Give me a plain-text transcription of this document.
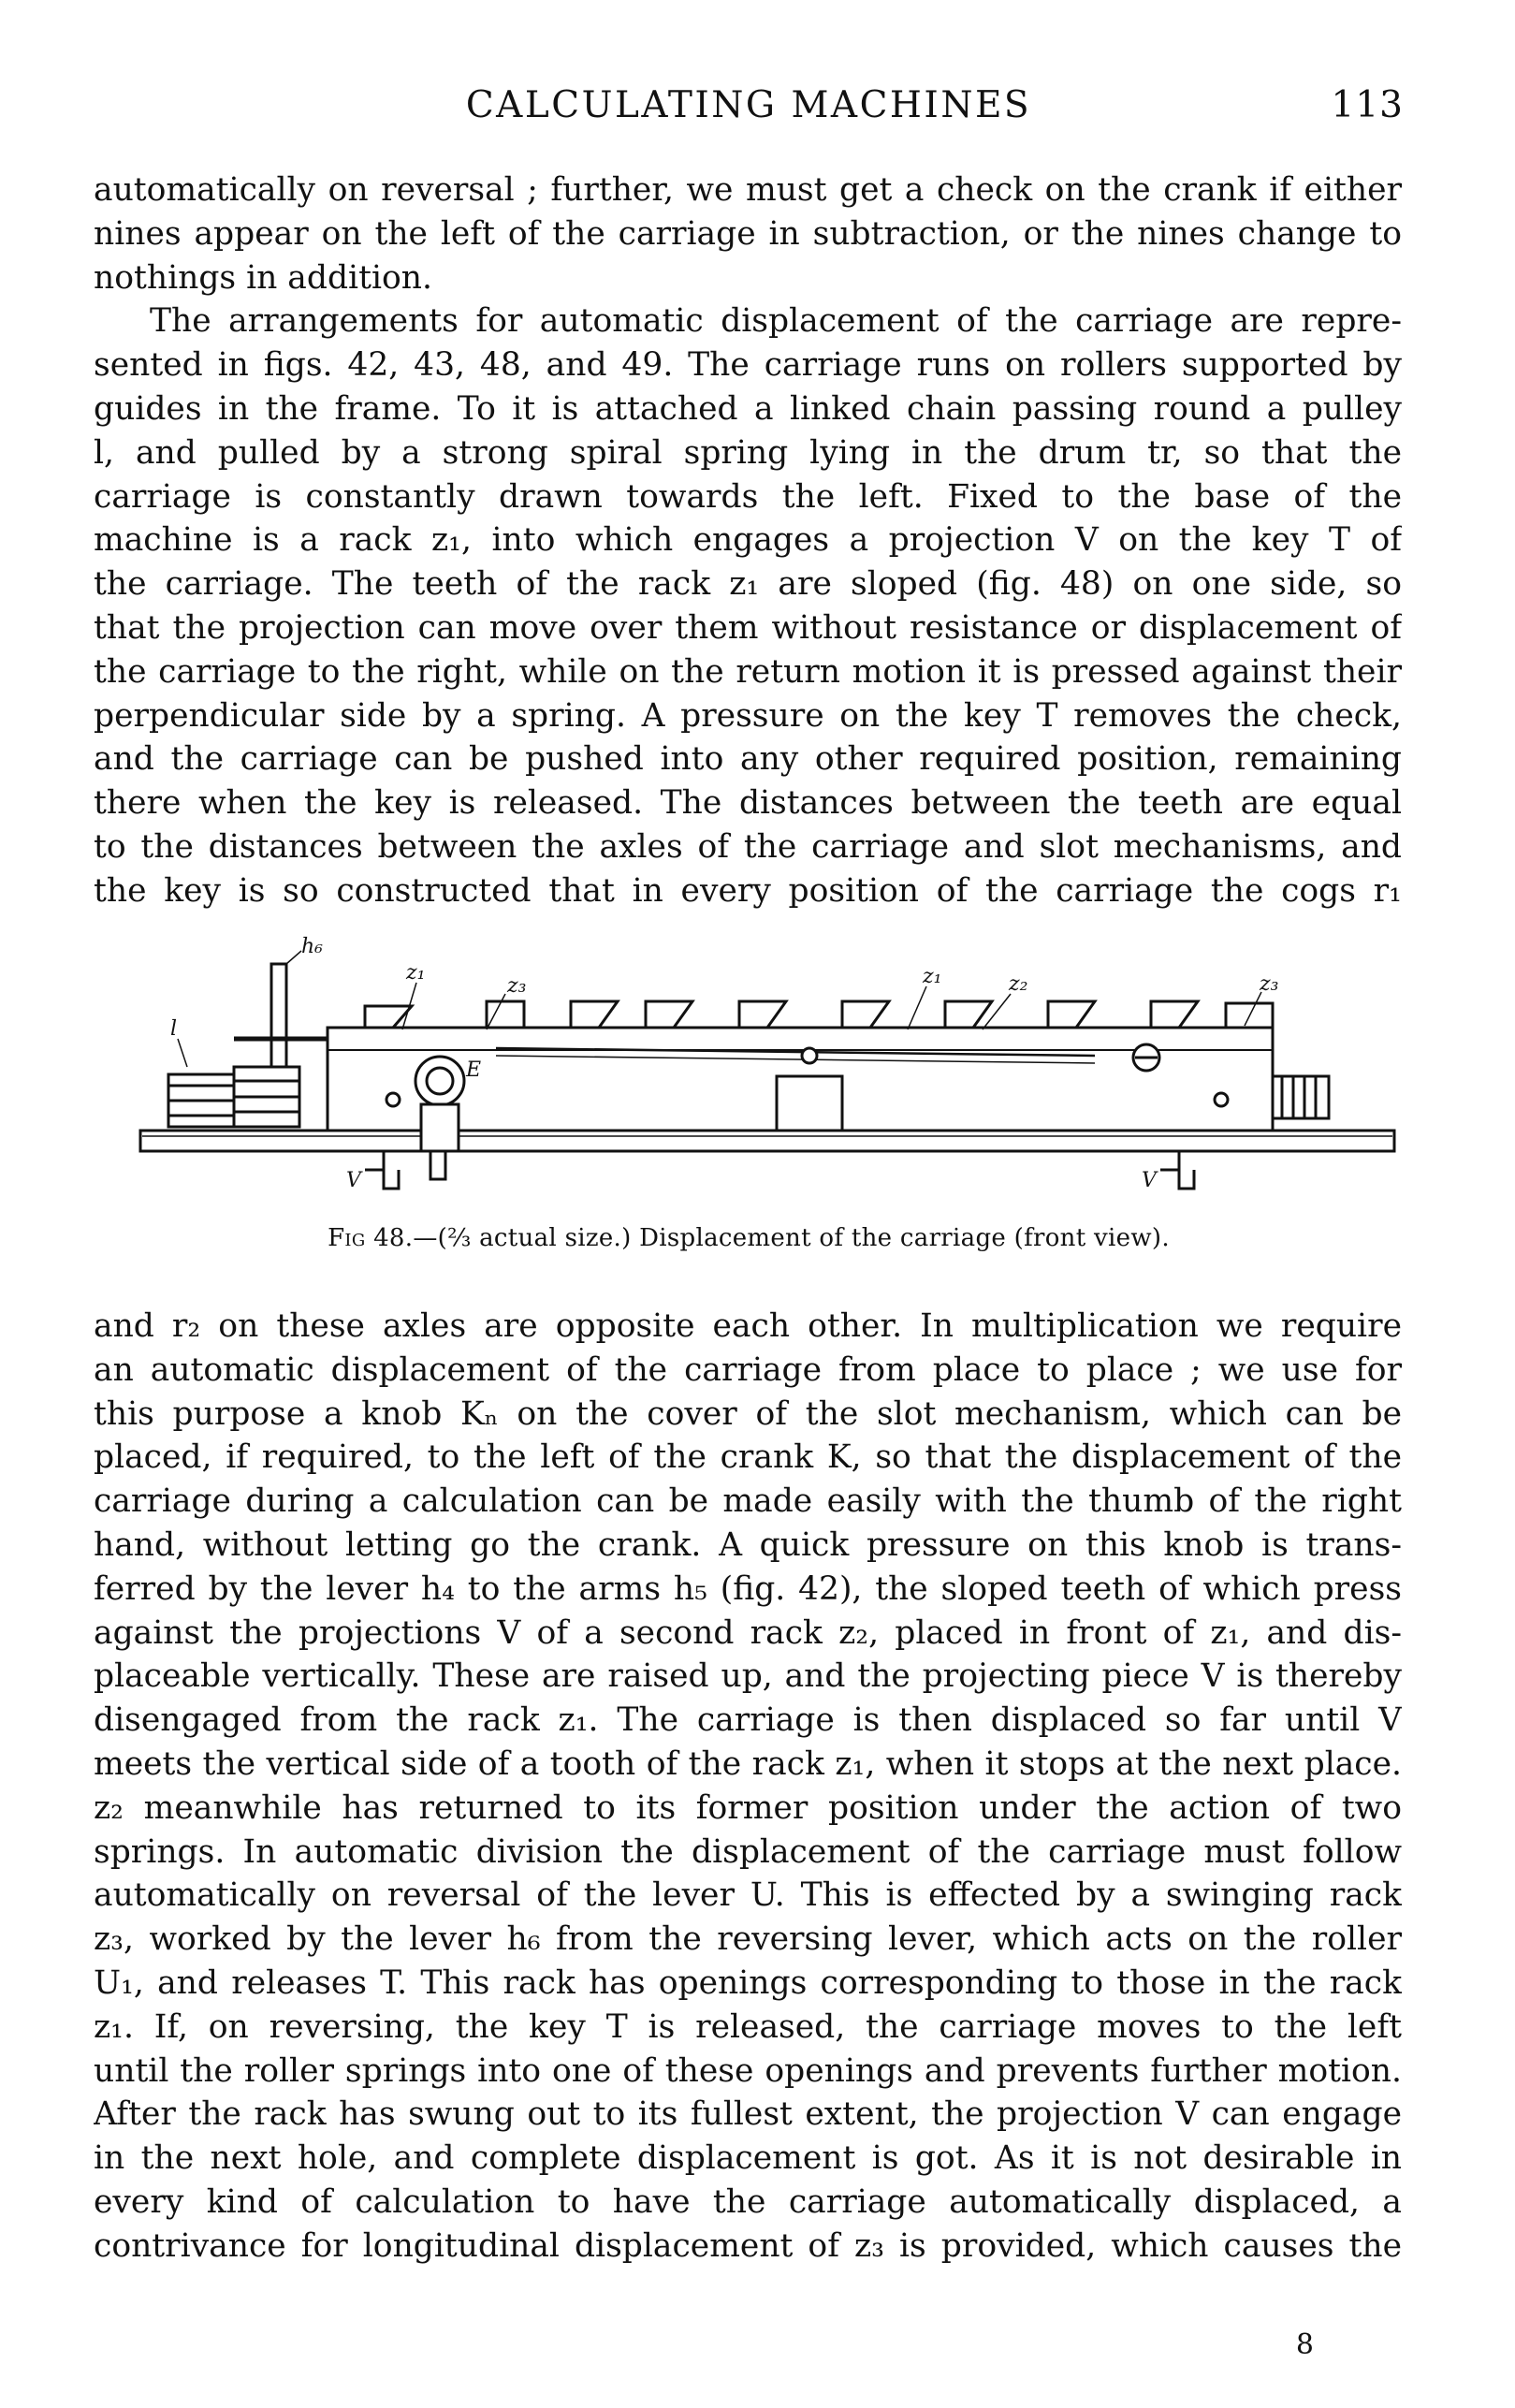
CALCULATING MACHINES	113
automatically on reversal ; further, we must get a check on the crank if either
nines appear on the left of the carriage in subtraction, or the nines change to
nothings in addition.
The arrangements for automatic displacement of the carriage are repre-
sented in figs. 42, 43, 48, and 49. The carriage runs on rollers supported by
guides in the frame. To it is attached a linked chain passing round a pulley
l, and pulled by a strong spiral spring lying in the drum tr, so that the
carriage is constantly drawn towards the left. Fixed to the base of the
machine is a rack z₁, into which engages a projection V on the key T of
the carriage. The teeth of the rack z₁ are sloped (fig. 48) on one side, so
that the projection can move over them without resistance or displacement of
the carriage to the right, while on the return motion it is pressed against their
perpendicular side by a spring. A pressure on the key T removes the check,
and the carriage can be pushed into any other required position, remaining
there when the key is released. The distances between the teeth are equal
to the distances between the axles of the carriage and slot mechanisms, and
the key is so constructed that in every position of the carriage the cogs r₁
h₆
z₁
z₃	z₁	z₂	z₃
l
E
V	V
Fig 48.—(⅔ actual size.) Displacement of the carriage (front view).
and r₂ on these axles are opposite each other. In multiplication we require
an automatic displacement of the carriage from place to place ; we use for
this purpose a knob Kₙ on the cover of the slot mechanism, which can be
placed, if required, to the left of the crank K, so that the displacement of the
carriage during a calculation can be made easily with the thumb of the right
hand, without letting go the crank. A quick pressure on this knob is trans-
ferred by the lever h₄ to the arms h₅ (fig. 42), the sloped teeth of which press
against the projections V of a second rack z₂, placed in front of z₁, and dis-
placeable vertically. These are raised up, and the projecting piece V is thereby
disengaged from the rack z₁. The carriage is then displaced so far until V
meets the vertical side of a tooth of the rack z₁, when it stops at the next place.
z₂ meanwhile has returned to its former position under the action of two
springs. In automatic division the displacement of the carriage must follow
automatically on reversal of the lever U. This is effected by a swinging rack
z₃, worked by the lever h₆ from the reversing lever, which acts on the roller
U₁, and releases T. This rack has openings corresponding to those in the rack
z₁. If, on reversing, the key T is released, the carriage moves to the left
until the roller springs into one of these openings and prevents further motion.
After the rack has swung out to its fullest extent, the projection V can engage
in the next hole, and complete displacement is got. As it is not desirable in
every kind of calculation to have the carriage automatically displaced, a
contrivance for longitudinal displacement of z₃ is provided, which causes the
8
